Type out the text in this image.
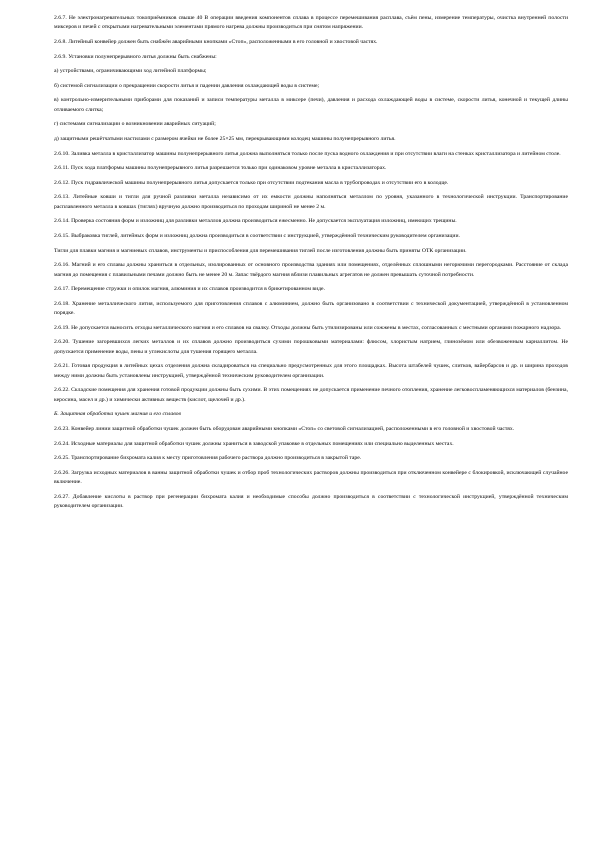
2.6.7. Не электронагревательных токоприёмников свыше 40 В операции введения компонентов сплава в процессе перемешивания расплава, съём пены, измерение температуры, очистка внутренней полости миксеров и печей с открытыми нагревательными элементами прямого нагрева должны производиться при снятом напряжении.

2.6.8. Литейный конвейер должен быть снабжён аварийными кнопками «Стоп», расположенными в его головной и хвостовой частях.

2.6.9. Установки полунепрерывного литья должны быть снабжены:

а) устройствами, ограничивающими ход литейной платформы;

б) системой сигнализации о прекращении скорости литья и падении давления охлаждающей воды в системе;

в) контрольно-измерительными приборами для показаний и записи температуры металла в миксере (печи), давления и расхода охлаждающей воды в системе, скорости литья, конечной и текущей длины отливаемого слитка;

г) системами сигнализации о возникновении аварийных ситуаций;

д) защитными решётчатыми настилами с размером ячейки не более 25×25 мм, перекрывающими колодец машины полунепрерывного литья.

2.6.10. Заливка металла в кристаллизатор машины полунепрерывного литья должна выполняться только после пуска водного охлаждения и при отсутствии влаги на стенках кристаллизатора и литейном столе.

2.6.11. Пуск хода платформы машины полунепрерывного литья разрешается только при одинаковом уровне металла в кристаллизаторах.

2.6.12. Пуск гидравлической машины полунепрерывного литья допускается только при отсутствии подтекания масла в трубопроводах и отсутствии его в колодце.

2.6.13. Литейные ковши и тигли для ручной разливки металла независимо от их емкости должны наполняться металлом по уровня, указанного в технологической инструкции. Транспортирование расплавленного металла в ковшах (тиглях) вручную должно производиться по проходам шириной не менее 2 м.

2.6.14. Проверка состояния форм и изложниц для разливки металлов должна производиться ежесменно. Не допускается эксплуатация изложниц, имеющих трещины.

2.6.15. Выбраковка тиглей, литейных форм и изложниц должна производиться в соответствии с инструкцией, утверждённой техническим руководителем организации.

Тигли для плавки магния и магниевых сплавов, инструменты и приспособления для перемешивания тиглей после изготовления должны быть приняты ОТК организации.

2.6.16. Магний и его сплавы должны храниться в отдельных, изолированных от основного производства зданиях или помещениях, отделённых сплошными негорючими перегородками. Расстояние от склада магния до помещения с плавильными печами должно быть не менее 20 м. Запас твёрдого магния вблизи плавильных агрегатов не должен превышать суточной потребности.

2.6.17. Перемещение стружки и опилок магния, алюминия и их сплавов производится в брикетированном виде.

2.6.18. Хранение металлического лития, используемого для приготовления сплавов с алюминием, должно быть организовано в соответствии с технической документацией, утверждённой в установленном порядке.

2.6.19. Не допускается выносить отходы металлического магния и его сплавов на свалку. Отходы должны быть утилизированы или сожжены в местах, согласованных с местными органами пожарного надзора.

2.6.20. Тушение загоревшихся легких металлов и их сплавов должно производиться сухими порошковыми материалами: флюсом, хлористым натрием, глинозёмом или обезвоженным карналлитом. Не допускается применение воды, пены и углекислоты для тушения горящего металла.

2.6.21. Готовая продукция в литейных цехах отделения должна складироваться на специально предусмотренных для этого площадках. Высота штабелей чушек, слитков, вайербарсов и др. и ширина проходов между ними должны быть установлены инструкцией, утверждённой техническим руководителем организации.

2.6.22. Складские помещения для хранения готовой продукции должны быть сухими. В этих помещениях не допускается применение печного отопления, хранение легковоспламеняющихся материалов (бензина, керосина, масел и др.) и химически активных веществ (кислот, щелочей и др.).

Б. Защитная обработка чушек магния и его сплавов

2.6.23. Конвейер линии защитной обработки чушек должен быть оборудован аварийными кнопками «Стоп» со световой сигнализацией, расположенными в его головной и хвостовой частях.

2.6.24. Исходные материалы для защитной обработки чушек должны храниться в заводской упаковке в отдельных помещениях или специально выделенных местах.

2.6.25. Транспортирование бихромата калия к месту приготовления рабочего раствора должно производиться в закрытой таре.

2.6.26. Загрузка исходных материалов в ванны защитной обработки чушек и отбор проб технологических растворов должны производиться при отключенном конвейере с блокировкой, исключающей случайное включение.

2.6.27. Добавление кислоты в раствор при регенерации бихромата калия и необходимые способы должно производиться в соответствии с технологической инструкцией, утверждённой техническим руководителем организации.
